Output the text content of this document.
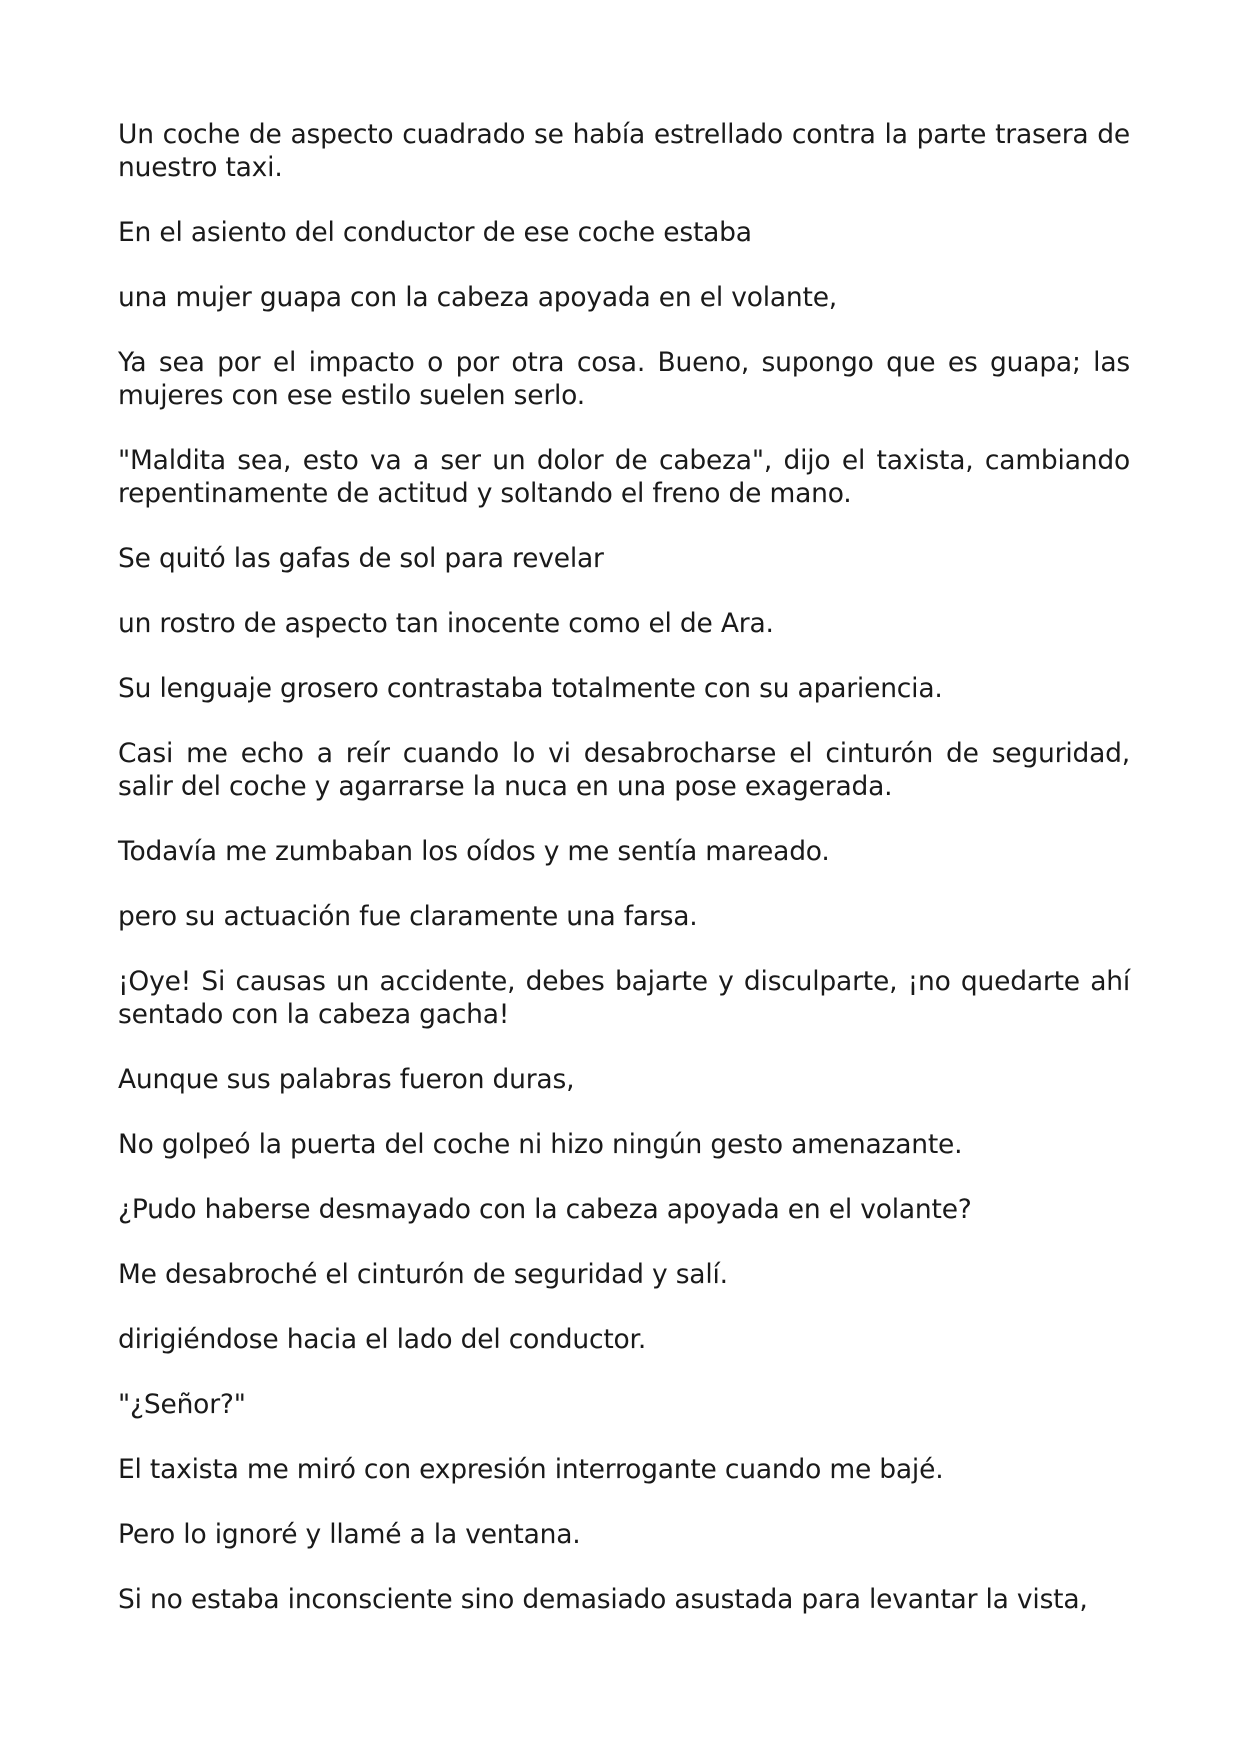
Un coche de aspecto cuadrado se había estrellado contra la parte trasera de nuestro taxi.

En el asiento del conductor de ese coche estaba

una mujer guapa con la cabeza apoyada en el volante,

Ya sea por el impacto o por otra cosa. Bueno, supongo que es guapa; las mujeres con ese estilo suelen serlo.

"Maldita sea, esto va a ser un dolor de cabeza", dijo el taxista, cambiando repentinamente de actitud y soltando el freno de mano.

Se quitó las gafas de sol para revelar

un rostro de aspecto tan inocente como el de Ara.

Su lenguaje grosero contrastaba totalmente con su apariencia.

Casi me echo a reír cuando lo vi desabrocharse el cinturón de seguridad, salir del coche y agarrarse la nuca en una pose exagerada.

Todavía me zumbaban los oídos y me sentía mareado.

pero su actuación fue claramente una farsa.

¡Oye! Si causas un accidente, debes bajarte y disculparte, ¡no quedarte ahí sentado con la cabeza gacha!

Aunque sus palabras fueron duras,

No golpeó la puerta del coche ni hizo ningún gesto amenazante.

¿Pudo haberse desmayado con la cabeza apoyada en el volante?

Me desabroché el cinturón de seguridad y salí.

dirigiéndose hacia el lado del conductor.

"¿Señor?"

El taxista me miró con expresión interrogante cuando me bajé.

Pero lo ignoré y llamé a la ventana.

Si no estaba inconsciente sino demasiado asustada para levantar la vista,
